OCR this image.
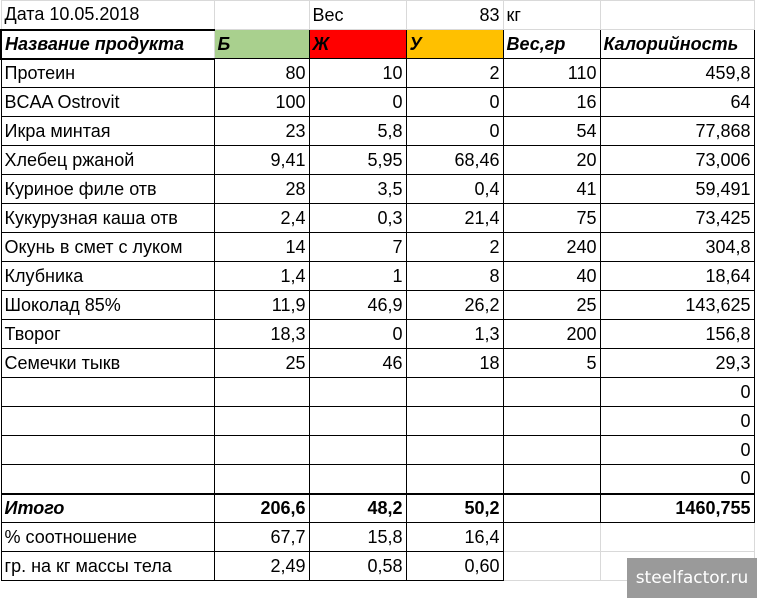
Дата 10.05.2018		Вес	83	кг	
Название продукта	Б	Ж	У	Вес,гр	Калорийность
Протеин	80	10	2	110	459,8
BCAA Ostrovit	100	0	0	16	64
Икра минтая	23	5,8	0	54	77,868
Хлебец ржаной	9,41	5,95	68,46	20	73,006
Куриное филе отв	28	3,5	0,4	41	59,491
Кукурузная каша отв	2,4	0,3	21,4	75	73,425
Окунь в смет с луком	14	7	2	240	304,8
Клубника	1,4	1	8	40	18,64
Шоколад 85%	11,9	46,9	26,2	25	143,625
Творог	18,3	0	1,3	200	156,8
Семечки тыкв	25	46	18	5	29,3
					0
					0
					0
					0
Итого	206,6	48,2	50,2		1460,755
% соотношение	67,7	15,8	16,4		
гр. на кг массы тела	2,49	0,58	0,60		
steelfactor.ru
